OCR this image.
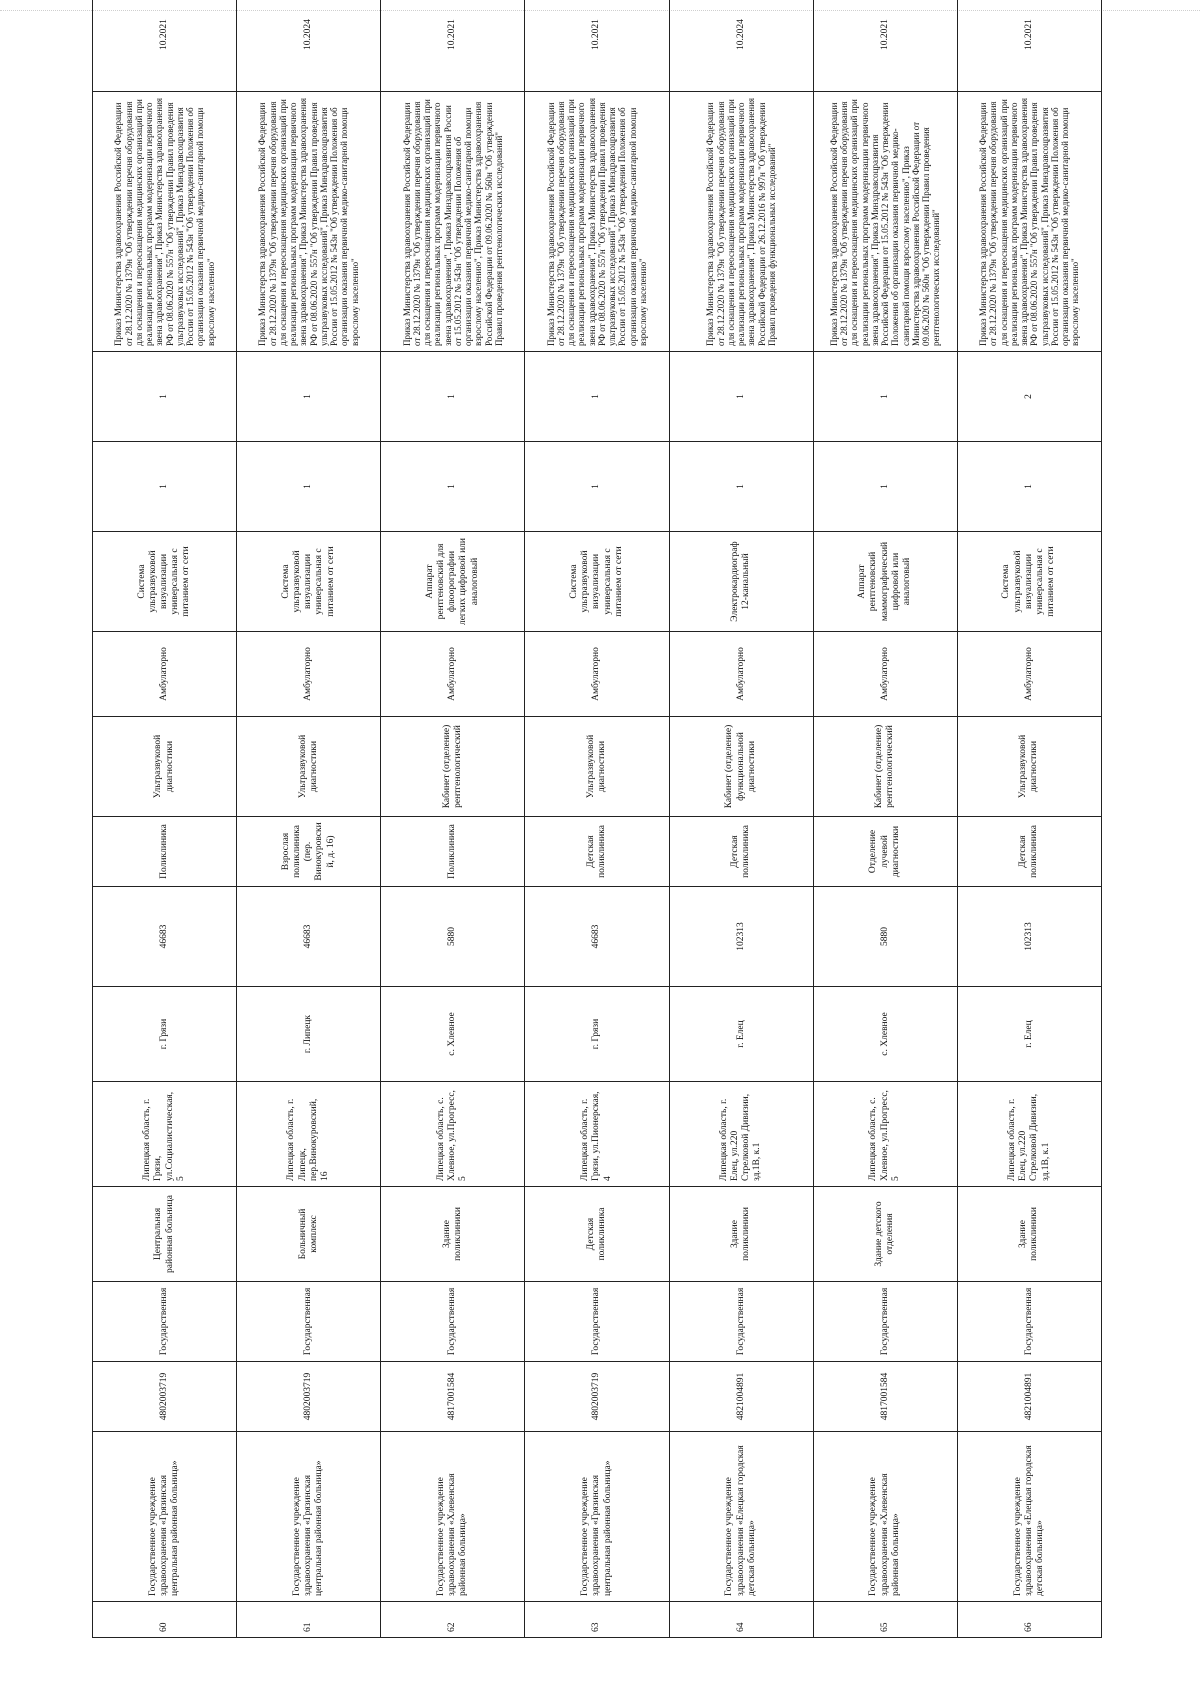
60	Государственное учреждение здравоохранения «Грязинская центральная районная больница»	4802003719	Государственная	Центральная районная больница	Липецкая область, г. Грязи, ул.Социалистическая, 5	г. Грязи	46683	Поликлиника	Ультразвуковой диагностики	Амбулаторно	Система ультразвуковой визуализации универсальная с питанием от сети	1	1	Приказ Министерства здравоохранения Российской Федерации от 28.12.2020 № 1379н "Об утверждении перечня оборудования для оснащения и переоснащения медицинских организаций при реализации региональных программ модернизации первичного звена здравоохранения", Приказ Министерства здравоохранения РФ от 08.06.2020 № 557н "Об утверждении Правил проведения ультразвуковых исследований", Приказ Минздравсоцразвития России от 15.05.2012 № 543н "Об утверждении Положения об организации оказания первичной медико-санитарной помощи взрослому населению"	10.2021
61	Государственное учреждение здравоохранения «Грязинская центральная районная больница»	4802003719	Государственная	Больничный комплекс	Липецкая область, г. Липецк, пер.Винокуровский, 16	г. Липецк	46683	Взрослая поликлиника (пер. Винокуровский, д. 16)	Ультразвуковой диагностики	Амбулаторно	Система ультразвуковой визуализации универсальная с питанием от сети	1	1	Приказ Министерства здравоохранения Российской Федерации от 28.12.2020 № 1379н "Об утверждении перечня оборудования для оснащения и переоснащения медицинских организаций при реализации региональных программ модернизации первичного звена здравоохранения", Приказ Министерства здравоохранения РФ от 08.06.2020 № 557н "Об утверждении Правил проведения ультразвуковых исследований", Приказ Минздравсоцразвития России от 15.05.2012 № 543н "Об утверждении Положения об организации оказания первичной медико-санитарной помощи взрослому населению"	10.2024
62	Государственное учреждение здравоохранения «Хлевенская районная больница»	4817001584	Государственная	Здание поликлиники	Липецкая область, с. Хлевное, ул.Прогресс, 5	с. Хлевное	5880	Поликлиника	Кабинет (отделение) рентгенологический	Амбулаторно	Аппарат рентгеновский для флюорографии легких цифровой или аналоговый	1	1	Приказ Министерства здравоохранения Российской Федерации от 28.12.2020 № 1379н "Об утверждении перечня оборудования для оснащения и переоснащения медицинских организаций при реализации региональных программ модернизации первичного звена здравоохранения", Приказ Минздравсоцразвития России от 15.05.2012 № 543н "Об утверждении Положения об организации оказания первичной медико-санитарной помощи взрослому населению", Приказ Министерства здравоохранения Российской Федерации от 09.06.2020 № 560н "Об утверждении Правил проведения рентгенологических исследований"	10.2021
63	Государственное учреждение здравоохранения «Грязинская центральная районная больница»	4802003719	Государственная	Детская поликлиника	Липецкая область, г. Грязи, ул.Пионерская, 4	г. Грязи	46683	Детская поликлиника	Ультразвуковой диагностики	Амбулаторно	Система ультразвуковой визуализации универсальная с питанием от сети	1	1	Приказ Министерства здравоохранения Российской Федерации от 28.12.2020 № 1379н "Об утверждении перечня оборудования для оснащения и переоснащения медицинских организаций при реализации региональных программ модернизации первичного звена здравоохранения", Приказ Министерства здравоохранения РФ от 08.06.2020 № 557н "Об утверждении Правил проведения ультразвуковых исследований", Приказ Минздравсоцразвития России от 15.05.2012 № 543н "Об утверждении Положения об организации оказания первичной медико-санитарной помощи взрослому населению"	10.2021
64	Государственное учреждение здравоохранения «Елецкая городская детская больница»	4821004891	Государственная	Здание поликлиники	Липецкая область, г. Елец, ул.220 Стрелковой Дивизии, зд.1В, к.1	г. Елец	102313	Детская поликлиника	Кабинет (отделение) функциональной диагностики	Амбулаторно	Электрокардиограф 12-канальный	1	1	Приказ Министерства здравоохранения Российской Федерации от 28.12.2020 № 1379н "Об утверждении перечня оборудования для оснащения и переоснащения медицинских организаций при реализации региональных программ модернизации первичного звена здравоохранения", Приказ Министерства здравоохранения Российской Федерации от 26.12.2016 № 997н "Об утверждении Правил проведения функциональных исследований"	10.2024
65	Государственное учреждение здравоохранения «Хлевенская районная больница»	4817001584	Государственная	Здание детского отделения	Липецкая область, с. Хлевное, ул.Прогресс, 5	с. Хлевное	5880	Отделение лучевой диагностики	Кабинет (отделение) рентгенологический	Амбулаторно	Аппарат рентгеновский маммографический цифровой или аналоговый	1	1	Приказ Министерства здравоохранения Российской Федерации от 28.12.2020 № 1379н "Об утверждении перечня оборудования для оснащения и переоснащения медицинских организаций при реализации региональных программ модернизации первичного звена здравоохранения", Приказ Минздравсоцразвития Российской Федерации от 15.05.2012 № 543н "Об утверждении Положения об организации оказания первичной медико-санитарной помощи взрослому населению", Приказ Министерства здравоохранения Российской Федерации от 09.06.2020 № 560н "Об утверждении Правил проведения рентгенологических исследований"	10.2021
66	Государственное учреждение здравоохранения «Елецкая городская детская больница»	4821004891	Государственная	Здание поликлиники	Липецкая область, г. Елец, ул.220 Стрелковой Дивизии, зд.1В, к.1	г. Елец	102313	Детская поликлиника	Ультразвуковой диагностики	Амбулаторно	Система ультразвуковой визуализации универсальная с питанием от сети	1	2	Приказ Министерства здравоохранения Российской Федерации от 28.12.2020 № 1379н "Об утверждении перечня оборудования для оснащения и переоснащения медицинских организаций при реализации региональных программ модернизации первичного звена здравоохранения", Приказ Министерства здравоохранения РФ от 08.06.2020 № 557н "Об утверждении Правил проведения ультразвуковых исследований", Приказ Минздравсоцразвития России от 15.05.2012 № 543н "Об утверждении Положения об организации оказания первичной медико-санитарной помощи взрослому населению"	10.2021
